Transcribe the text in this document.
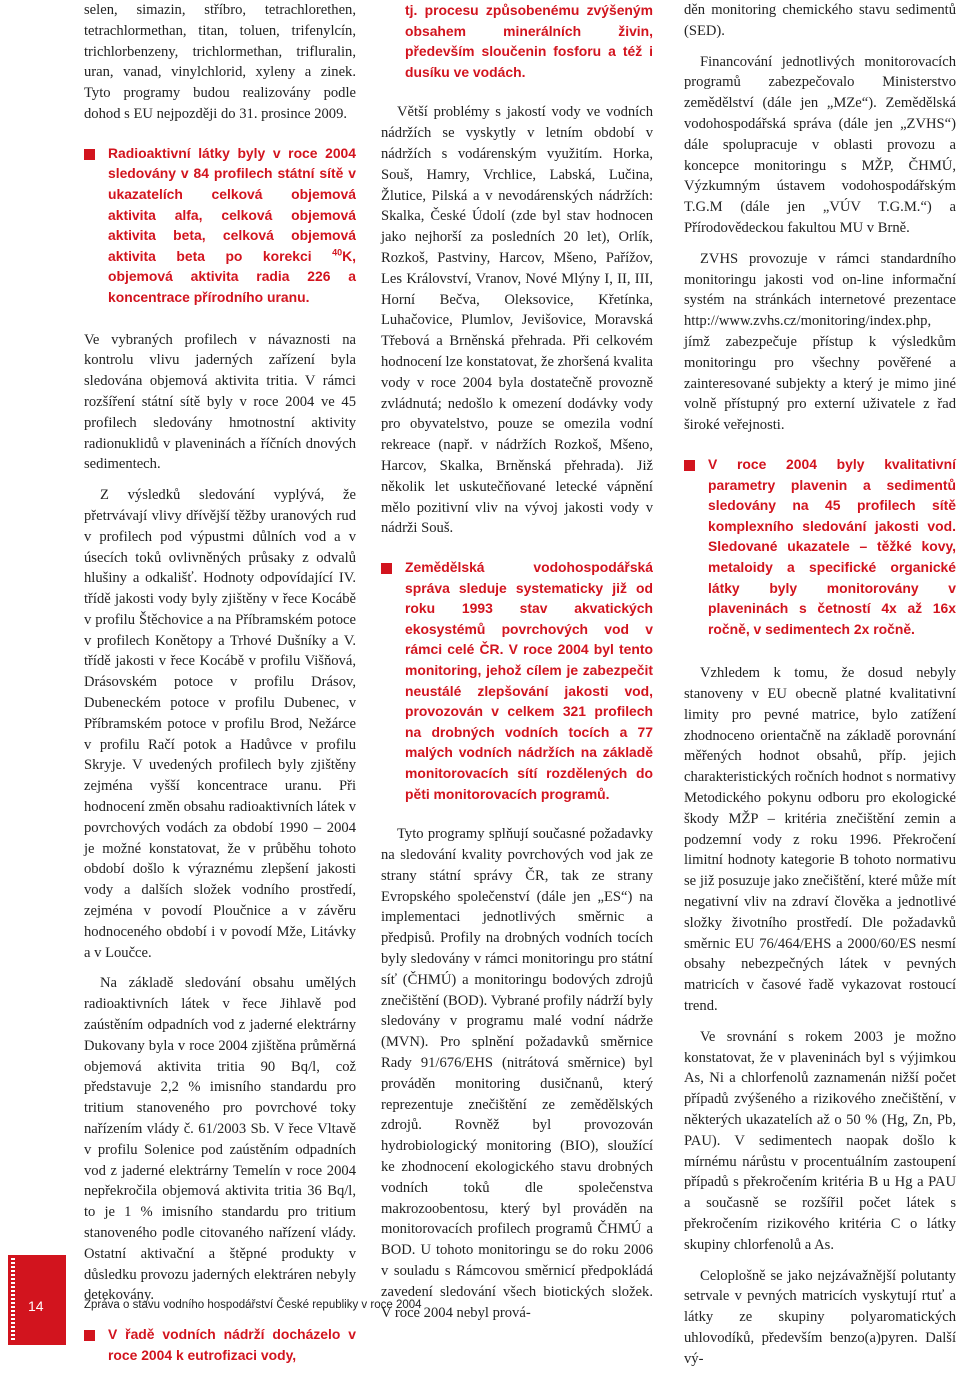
selen, simazin, stříbro, tetrachlorethen, tetrachlormethan, titan, toluen, trifenylcín, trichlorbenzeny, trichlormethan, trifluralin, uran, vanad, vinylchlorid, xyleny a zinek. Tyto programy budou realizovány podle dohod s EU nejpozději do 31. prosince 2009.

Radioaktivní látky byly v roce 2004 sledovány v 84 profilech státní sítě v ukazatelích celková objemová aktivita alfa, celková objemová aktivita beta, celková objemová aktivita beta po korekci $^{40}$K, objemová aktivita radia 226 a koncentrace přírodního uranu.

Ve vybraných profilech v návaznosti na kontrolu vlivu jaderných zařízení byla sledována objemová aktivita tritia. V rámci rozšíření státní sítě byly v roce 2004 ve 45 profilech sledovány hmotnostní aktivity radionuklidů v plaveninách a říčních dnových sedimentech.

Z výsledků sledování vyplývá, že přetrvávají vlivy dřívější těžby uranových rud v profilech pod výpustmi důlních vod a v úsecích toků ovlivněných průsaky z odvalů hlušiny a odkališť. Hodnoty odpovídající IV. třídě jakosti vody byly zjištěny v řece Kocábě v profilu Štěchovice a na Příbramském potoce v profilech Konětopy a Trhové Dušníky a V. třídě jakosti v řece Kocábě v profilu Višňová, Drásovském potoce v profilu Drásov, Dubeneckém potoce v profilu Dubenec, v Příbramském potoce v profilu Brod, Nežárce v profilu Račí potok a Hadůvce v profilu Skryje. V uvedených profilech byly zjištěny zejména vyšší koncentrace uranu. Při hodnocení změn obsahu radioaktivních látek v povrchových vodách za období 1990 – 2004 je možné konstatovat, že v průběhu tohoto období došlo k výraznému zlepšení jakosti vody a dalších složek vodního prostředí, zejména v povodí Ploučnice a v závěru hodnoceného období i v povodí Mže, Litávky a v Loučce.

Na základě sledování obsahu umělých radioaktivních látek v řece Jihlavě pod zaústěním odpadních vod z jaderné elektrárny Dukovany byla v roce 2004 zjištěna průměrná objemová aktivita tritia 90 Bq/l, což představuje 2,2 % imisního standardu pro tritium stanoveného pro povrchové toky nařízením vlády č. 61/2003 Sb. V řece Vltavě v profilu Solenice pod zaústěním odpadních vod z jaderné elektrárny Temelín v roce 2004 nepřekročila objemová aktivita tritia 36 Bq/l, to je 1 % imisního standardu pro tritium stanoveného podle citovaného nařízení vlády. Ostatní aktivační a štěpné produkty v důsledku provozu jaderných elektráren nebyly detekovány.

V řadě vodních nádrží docházelo v roce 2004 k eutrofizaci vody,
tj. procesu způsobenému zvýšeným obsahem minerálních živin, především sloučenin fosforu a též i dusíku ve vodách.

Větší problémy s jakostí vody ve vodních nádržích se vyskytly v letním období v nádržích s vodárenským využitím. Horka, Souš, Hamry, Vrchlice, Labská, Lučina, Žlutice, Pilská a v nevodárenských nádržích: Skalka, České Údolí (zde byl stav hodnocen jako nejhorší za posledních 20 let), Orlík, Rozkoš, Pastviny, Harcov, Mšeno, Pařížov, Les Království, Vranov, Nové Mlýny I, II, III, Horní Bečva, Oleksovice, Křetínka, Luhačovice, Plumlov, Jevišovice, Moravská Třebová a Brněnská přehrada. Při celkovém hodnocení lze konstatovat, že zhoršená kvalita vody v roce 2004 byla dostatečně provozně zvládnutá; nedošlo k omezení dodávky vody pro obyvatelstvo, pouze se omezila vodní rekreace (např. v nádržích Rozkoš, Mšeno, Harcov, Skalka, Brněnská přehrada). Již několik let uskutečňované letecké vápnění mělo pozitivní vliv na vývoj jakosti vody v nádrži Souš.

Zemědělská vodohospodářská správa sleduje systematicky již od roku 1993 stav akvatických ekosystémů povrchových vod v rámci celé ČR. V roce 2004 byl tento monitoring, jehož cílem je zabezpečit neustálé zlepšování jakosti vod, provozován v celkem 321 profilech na drobných vodních tocích a 77 malých vodních nádržích na základě monitorovacích sítí rozdělených do pěti monitorovacích programů.

Tyto programy splňují současné požadavky na sledování kvality povrchových vod jak ze strany státní správy ČR, tak ze strany Evropského společenství (dále jen „ES“) na implementaci jednotlivých směrnic a předpisů. Profily na drobných vodních tocích byly sledovány v rámci monitoringu pro státní síť (ČHMÚ) a monitoringu bodových zdrojů znečištění (BOD). Vybrané profily nádrží byly sledovány v programu malé vodní nádrže (MVN). Pro splnění požadavků směrnice Rady 91/676/EHS (nitrátová směrnice) byl prováděn monitoring dusičnanů, který reprezentuje znečištění ze zemědělských zdrojů. Rovněž byl provozován hydrobiologický monitoring (BIO), sloužící ke zhodnocení ekologického stavu drobných vodních toků dle společenstva makrozoobentosu, který byl prováděn na monitorovacích profilech programů ČHMÚ a BOD. U tohoto monitoringu se do roku 2006 v souladu s Rámcovou směrnicí předpokládá zavedení sledování všech biotických složek. V roce 2004 nebyl prová-

děn monitoring chemického stavu sedimentů (SED).

Financování jednotlivých monitorovacích programů zabezpečovalo Ministerstvo zemědělství (dále jen „MZe“). Zemědělská vodohospodářská správa (dále jen „ZVHS“) dále spolupracuje v oblasti provozu a koncepce monitoringu s MŽP, ČHMÚ, Výzkumným ústavem vodohospodářským T.G.M (dále jen „VÚV T.G.M.“) a Přírodovědeckou fakultou MU v Brně.

ZVHS provozuje v rámci standardního monitoringu jakosti vod on-line informační systém na stránkách internetové prezentace http://www.zvhs.cz/monitoring/index.php, jímž zabezpečuje přístup k výsledkům monitoringu pro všechny pověřené a zainteresované subjekty a který je mimo jiné volně přístupný pro externí uživatele z řad široké veřejnosti.

V roce 2004 byly kvalitativní parametry plavenin a sedimentů sledovány na 45 profilech sítě komplexního sledování jakosti vod. Sledované ukazatele – těžké kovy, metaloidy a specifické organické látky byly monitorovány v plaveninách s četností 4x až 16x ročně, v sedimentech 2x ročně.

Vzhledem k tomu, že dosud nebyly stanoveny v EU obecně platné kvalitativní limity pro pevné matrice, bylo zatížení zhodnoceno orientačně na základě porovnání měřených hodnot obsahů, příp. jejich charakteristických ročních hodnot s normativy Metodického pokynu odboru pro ekologické škody MŽP – kritéria znečištění zemin a podzemní vody z roku 1996. Překročení limitní hodnoty kategorie B tohoto normativu se již posuzuje jako znečištění, které může mít negativní vliv na zdraví člověka a jednotlivé složky životního prostředí. Dle požadavků směrnic EU 76/464/EHS a 2000/60/ES nesmí obsahy nebezpečných látek v pevných matricích v časové řadě vykazovat rostoucí trend.

Ve srovnání s rokem 2003 je možno konstatovat, že v plaveninách byl s výjimkou As, Ni a chlorfenolů zaznamenán nižší počet případů zvýšeného a rizikového znečištění, v některých ukazatelích až o 50 % (Hg, Zn, Pb, PAU). V sedimentech naopak došlo k mírnému nárůstu v procentuálním zastoupení případů s překročením kritéria B u Hg a PAU a současně se rozšířil počet látek s překročením rizikového kritéria C o látky skupiny chlorfenolů a As.

Celoplošně se jako nejzávažnější polutanty setrvale v pevných matricích vyskytují rtuť a látky ze skupiny polyaromatických uhlovodíků, především benzo(a)pyren. Další vý-

14	Zpráva o stavu vodního hospodářství České republiky v roce 2004
